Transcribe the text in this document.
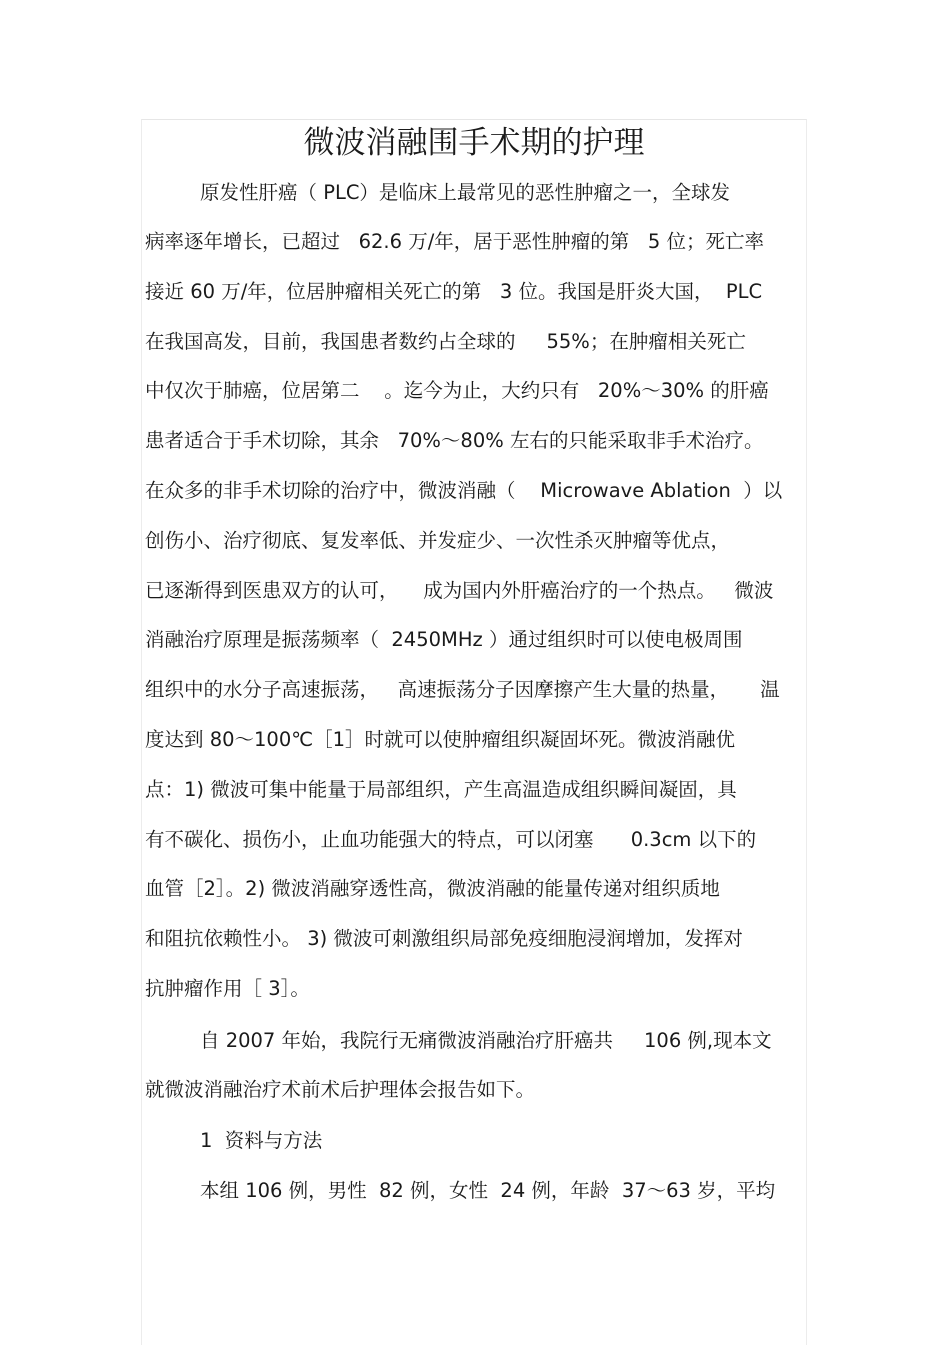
微波消融围手术期的护理
原发性肝癌（ PLC）是临床上最常见的恶性肿瘤之一，全球发
病率逐年增长，已超过   62.6 万/年，居于恶性肿瘤的第   5 位；死亡率
接近 60 万/年，位居肿瘤相关死亡的第   3 位。我国是肝炎大国，  PLC
在我国高发，目前，我国患者数约占全球的     55%；在肿瘤相关死亡
中仅次于肺癌，位居第二    。迄今为止，大约只有   20%～30% 的肝癌
患者适合于手术切除，其余   70%～80% 左右的只能采取非手术治疗。
在众多的非手术切除的治疗中，微波消融（    Microwave Ablation  ）以
创伤小、治疗彻底、复发率低、并发症少、一次性杀灭肿瘤等优点，
已逐渐得到医患双方的认可，    成为国内外肝癌治疗的一个热点。   微波
消融治疗原理是振荡频率（  2450MHz ）通过组织时可以使电极周围
组织中的水分子高速振荡，   高速振荡分子因摩擦产生大量的热量，     温
度达到 80～100℃［1］时就可以使肿瘤组织凝固坏死。微波消融优
点：1) 微波可集中能量于局部组织，产生高温造成组织瞬间凝固，具
有不碳化、损伤小，止血功能强大的特点，可以闭塞      0.3cm 以下的
血管［2］。2) 微波消融穿透性高，微波消融的能量传递对组织质地
和阻抗依赖性小。 3) 微波可刺激组织局部免疫细胞浸润增加，发挥对
抗肿瘤作用［ 3］。
自 2007 年始，我院行无痛微波消融治疗肝癌共     106 例,现本文
就微波消融治疗术前术后护理体会报告如下。
1  资料与方法
本组 106 例，男性  82 例，女性  24 例，年龄  37～63 岁，平均
